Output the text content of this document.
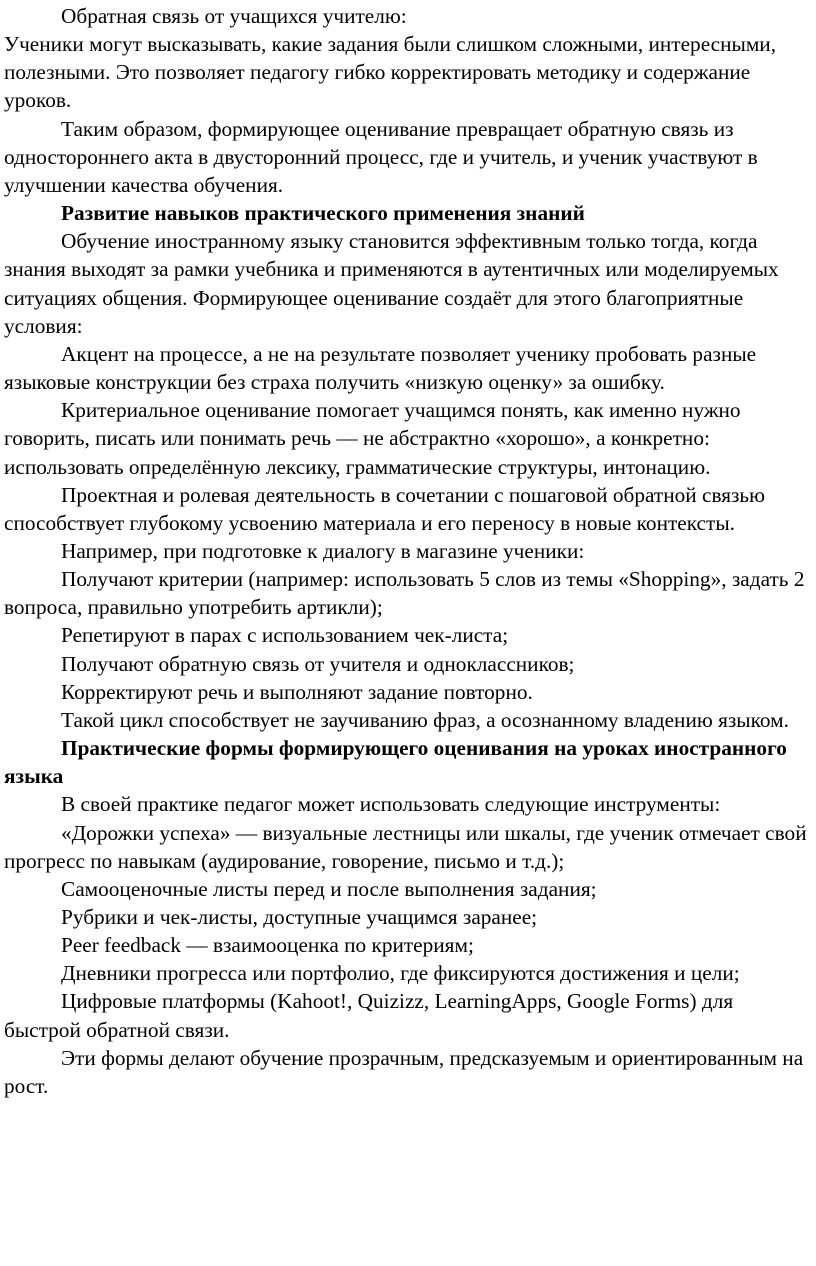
Обратная связь от учащихся учителю:

Ученики могут высказывать, какие задания были слишком сложными, интересными, полезными. Это позволяет педагогу гибко корректировать методику и содержание уроков.

Таким образом, формирующее оценивание превращает обратную связь из одностороннего акта в двусторонний процесс, где и учитель, и ученик участвуют в улучшении качества обучения.

Развитие навыков практического применения знаний

Обучение иностранному языку становится эффективным только тогда, когда знания выходят за рамки учебника и применяются в аутентичных или моделируемых ситуациях общения. Формирующее оценивание создаёт для этого благоприятные условия:

Акцент на процессе, а не на результате позволяет ученику пробовать разные языковые конструкции без страха получить «низкую оценку» за ошибку.

Критериальное оценивание помогает учащимся понять, как именно нужно говорить, писать или понимать речь — не абстрактно «хорошо», а конкретно: использовать определённую лексику, грамматические структуры, интонацию.

Проектная и ролевая деятельность в сочетании с пошаговой обратной связью способствует глубокому усвоению материала и его переносу в новые контексты.

Например, при подготовке к диалогу в магазине ученики:

Получают критерии (например: использовать 5 слов из темы «Shopping», задать 2 вопроса, правильно употребить артикли);

Репетируют в парах с использованием чек-листа;

Получают обратную связь от учителя и одноклассников;

Корректируют речь и выполняют задание повторно.

Такой цикл способствует не заучиванию фраз, а осознанному владению языком.

Практические формы формирующего оценивания на уроках иностранного языка

В своей практике педагог может использовать следующие инструменты:

«Дорожки успеха» — визуальные лестницы или шкалы, где ученик отмечает свой прогресс по навыкам (аудирование, говорение, письмо и т.д.);

Самооценочные листы перед и после выполнения задания;

Рубрики и чек-листы, доступные учащимся заранее;

Peer feedback — взаимооценка по критериям;

Дневники прогресса или портфолио, где фиксируются достижения и цели;

Цифровые платформы (Kahoot!, Quizizz, LearningApps, Google Forms) для быстрой обратной связи.

Эти формы делают обучение прозрачным, предсказуемым и ориентированным на рост.
